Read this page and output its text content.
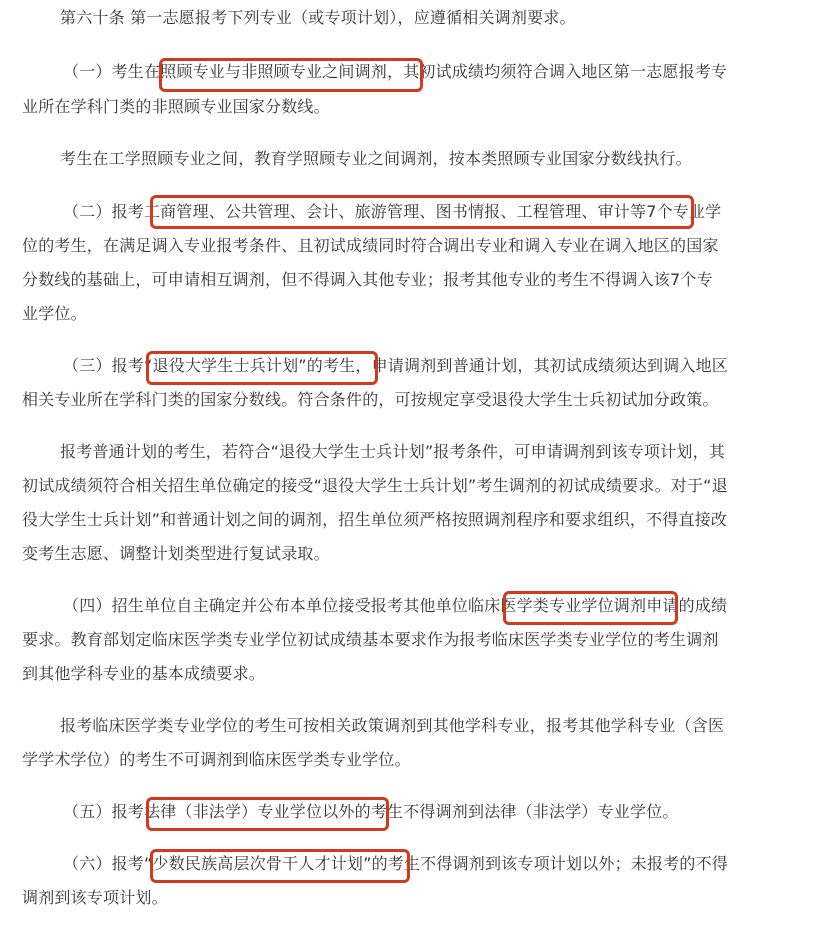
第六十条 第一志愿报考下列专业（或专项计划），应遵循相关调剂要求。
（一）考生在照顾专业与非照顾专业之间调剂，其初试成绩均须符合调入地区第一志愿报考专
业所在学科门类的非照顾专业国家分数线。
考生在工学照顾专业之间，教育学照顾专业之间调剂，按本类照顾专业国家分数线执行。
（二）报考工商管理、公共管理、会计、旅游管理、图书情报、工程管理、审计等7个专业学
位的考生，在满足调入专业报考条件、且初试成绩同时符合调出专业和调入专业在调入地区的国家
分数线的基础上，可申请相互调剂，但不得调入其他专业；报考其他专业的考生不得调入该7个专
业学位。
（三）报考“退役大学生士兵计划”的考生，申请调剂到普通计划，其初试成绩须达到调入地区
相关专业所在学科门类的国家分数线。符合条件的，可按规定享受退役大学生士兵初试加分政策。
报考普通计划的考生，若符合“退役大学生士兵计划”报考条件，可申请调剂到该专项计划，其
初试成绩须符合相关招生单位确定的接受“退役大学生士兵计划”考生调剂的初试成绩要求。对于“退
役大学生士兵计划”和普通计划之间的调剂，招生单位须严格按照调剂程序和要求组织，不得直接改
变考生志愿、调整计划类型进行复试录取。
（四）招生单位自主确定并公布本单位接受报考其他单位临床医学类专业学位调剂申请的成绩
要求。教育部划定临床医学类专业学位初试成绩基本要求作为报考临床医学类专业学位的考生调剂
到其他学科专业的基本成绩要求。
报考临床医学类专业学位的考生可按相关政策调剂到其他学科专业，报考其他学科专业（含医
学学术学位）的考生不可调剂到临床医学类专业学位。
（五）报考法律（非法学）专业学位以外的考生不得调剂到法律（非法学）专业学位。
（六）报考“少数民族高层次骨干人才计划”的考生不得调剂到该专项计划以外；未报考的不得
调剂到该专项计划。
